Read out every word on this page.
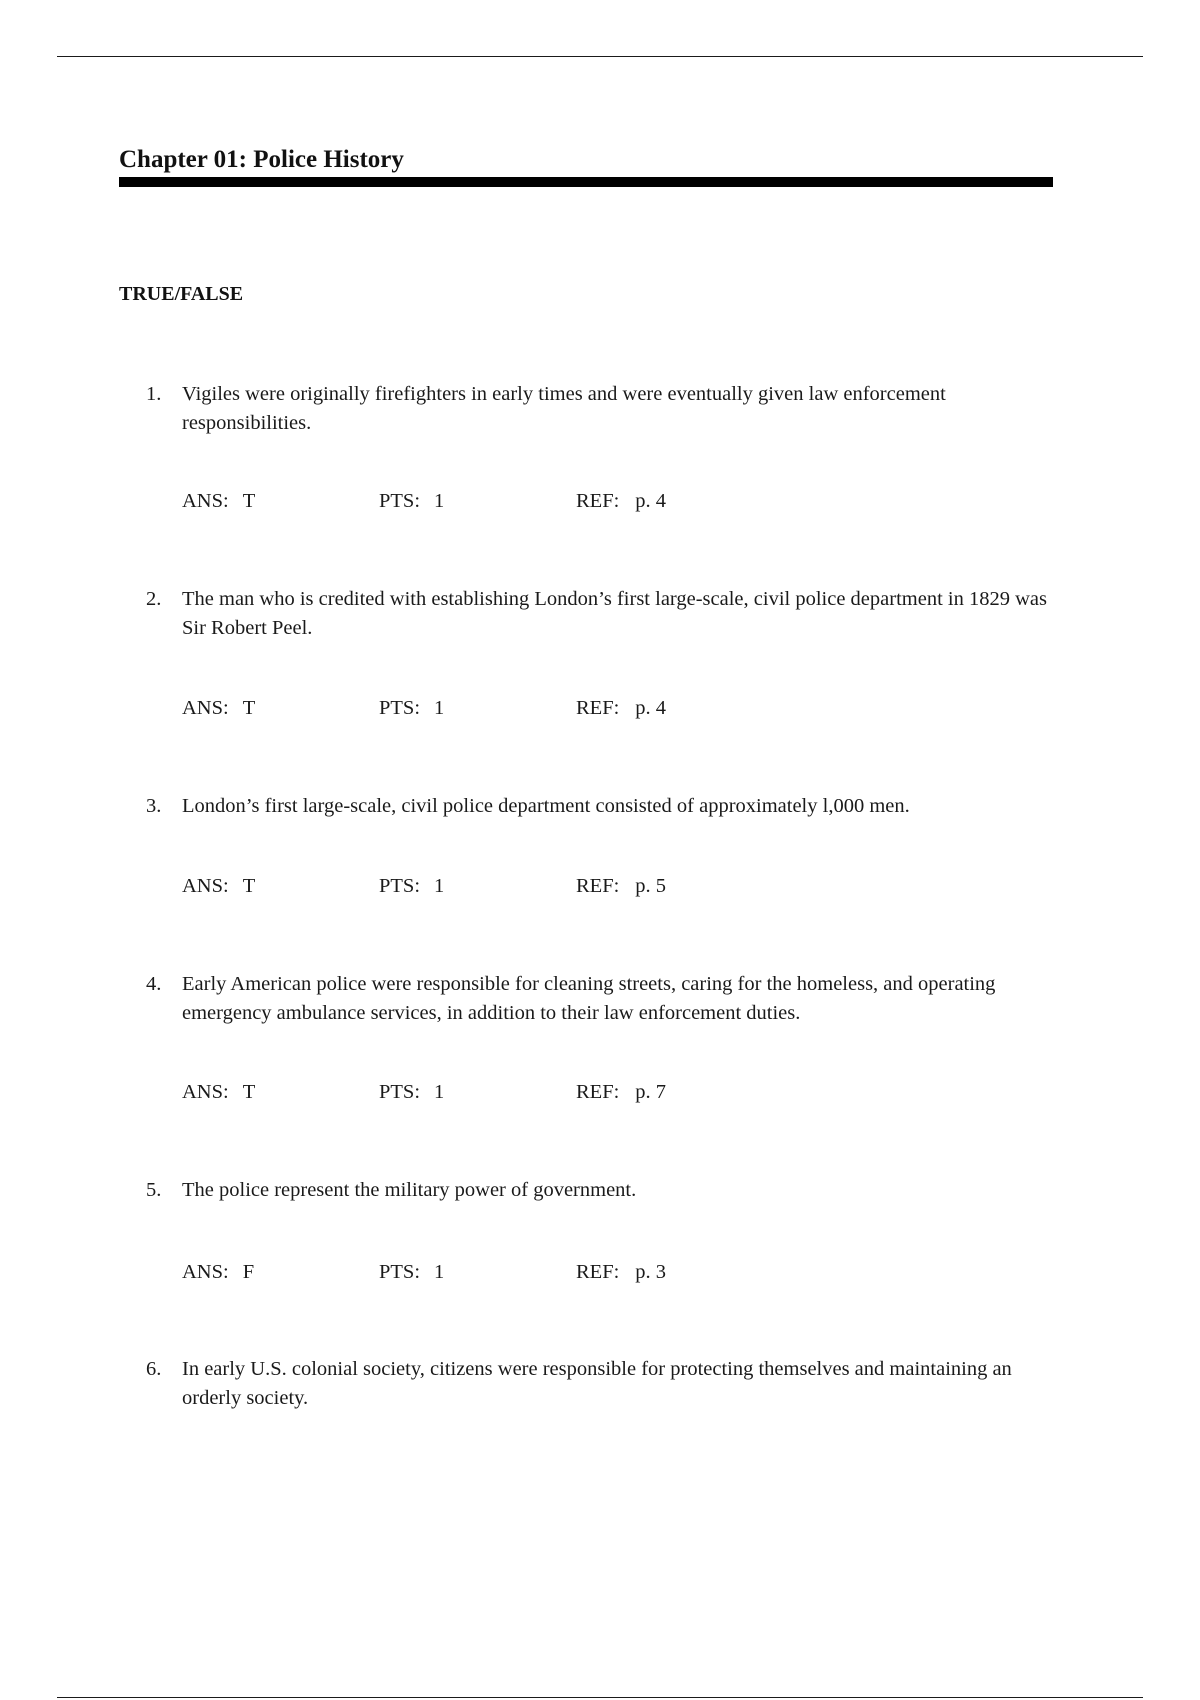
Chapter 01: Police History
TRUE/FALSE
1. Vigiles were originally firefighters in early times and were eventually given law enforcement responsibilities.
ANS: T	PTS: 1	REF: p. 4
2. The man who is credited with establishing London’s first large-scale, civil police department in 1829 was Sir Robert Peel.
ANS: T	PTS: 1	REF: p. 4
3. London’s first large-scale, civil police department consisted of approximately l,000 men.
ANS: T	PTS: 1	REF: p. 5
4. Early American police were responsible for cleaning streets, caring for the homeless, and operating emergency ambulance services, in addition to their law enforcement duties.
ANS: T	PTS: 1	REF: p. 7
5. The police represent the military power of government.
ANS: F	PTS: 1	REF: p. 3
6. In early U.S. colonial society, citizens were responsible for protecting themselves and maintaining an orderly society.
